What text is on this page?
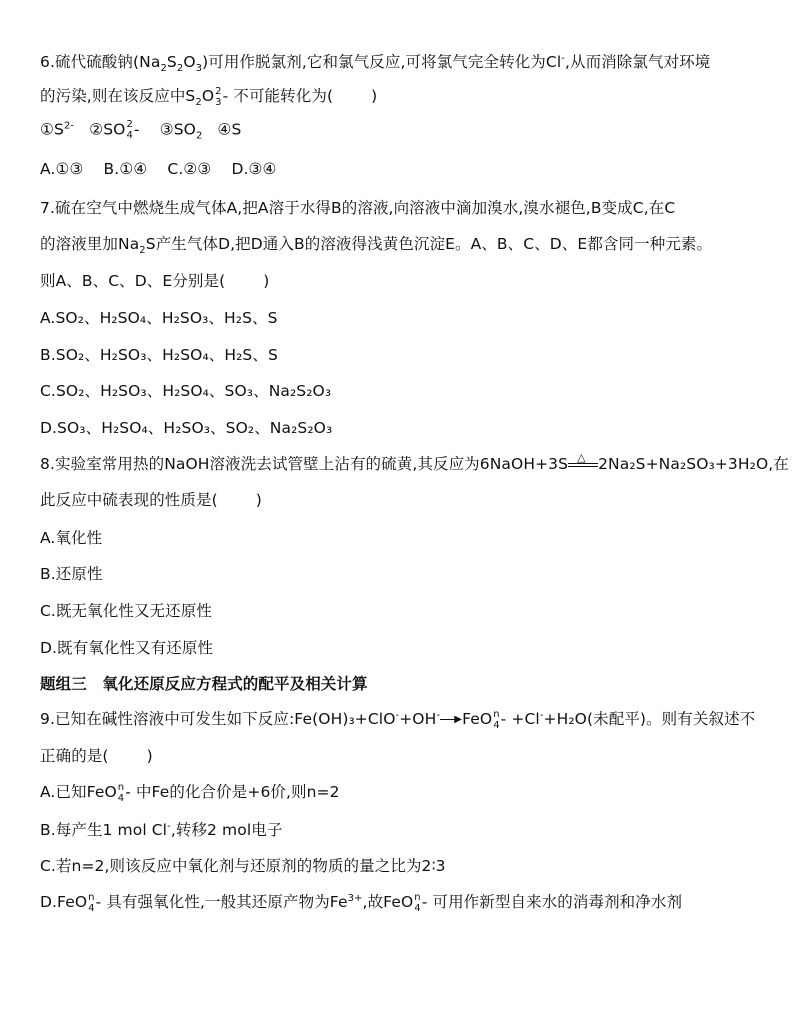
6.硫代硫酸钠$(Na_2S_2O_3)$可用作脱氯剂,它和氯气反应,可将氯气完全转化为Cl-,从而消除氯气对环境
的污染,则在该反应中$S_2O$ 2
3 - 不可能转化为( )
$①S^{2-}$ ②SO 2
$4 - ③SO_2$ ④S
A.①③    B.①④    C.②③    D.③④
7.硫在空气中燃烧生成气体A,把A溶于水得B的溶液,向溶液中滴加溴水,溴水褪色,B变成C,在C
的溶液里加$Na_2S$产生气体D,把D通入B的溶液得浅黄色沉淀E。A、B、C、D、E都含同一种元素。
则A、B、C、D、E分别是( )
A.SO₂、H₂SO₄、H₂SO₃、H₂S、S
B.SO₂、H₂SO₃、H₂SO₄、H₂S、S
C.SO₂、H₂SO₃、H₂SO₄、SO₃、Na₂S₂O₃
D.SO₃、H₂SO₄、H₂SO₃、SO₂、Na₂S₂O₃
8.实验室常用热的NaOH溶液洗去试管壁上沾有的硫黄,其反应为6NaOH+3S △ 2Na₂S+Na₂SO₃+3H₂O,在
此反应中硫表现的性质是( )
A.氧化性
B.还原性
C.既无氧化性又无还原性
D.既有氧化性又有还原性
题组三　氧化还原反应方程式的配平及相关计算
9.已知在碱性溶液中可发生如下反应:Fe(OH)₃+ClO-+OH- ▶ FeO n
4 - +Cl-+H₂O(未配平)。则有关叙述不
正确的是( )
A.已知FeO n
4 - 中Fe的化合价是+6价,则n=2
B.每产生1 mol Cl-,转移2 mol电子
C.若n=2,则该反应中氧化剂与还原剂的物质的量之比为2∶3
D.FeO n
4 - 具有强氧化性,一般其还原产物为$Fe^{3+}$,故FeO n
4 - 可用作新型自来水的消毒剂和净水剂
